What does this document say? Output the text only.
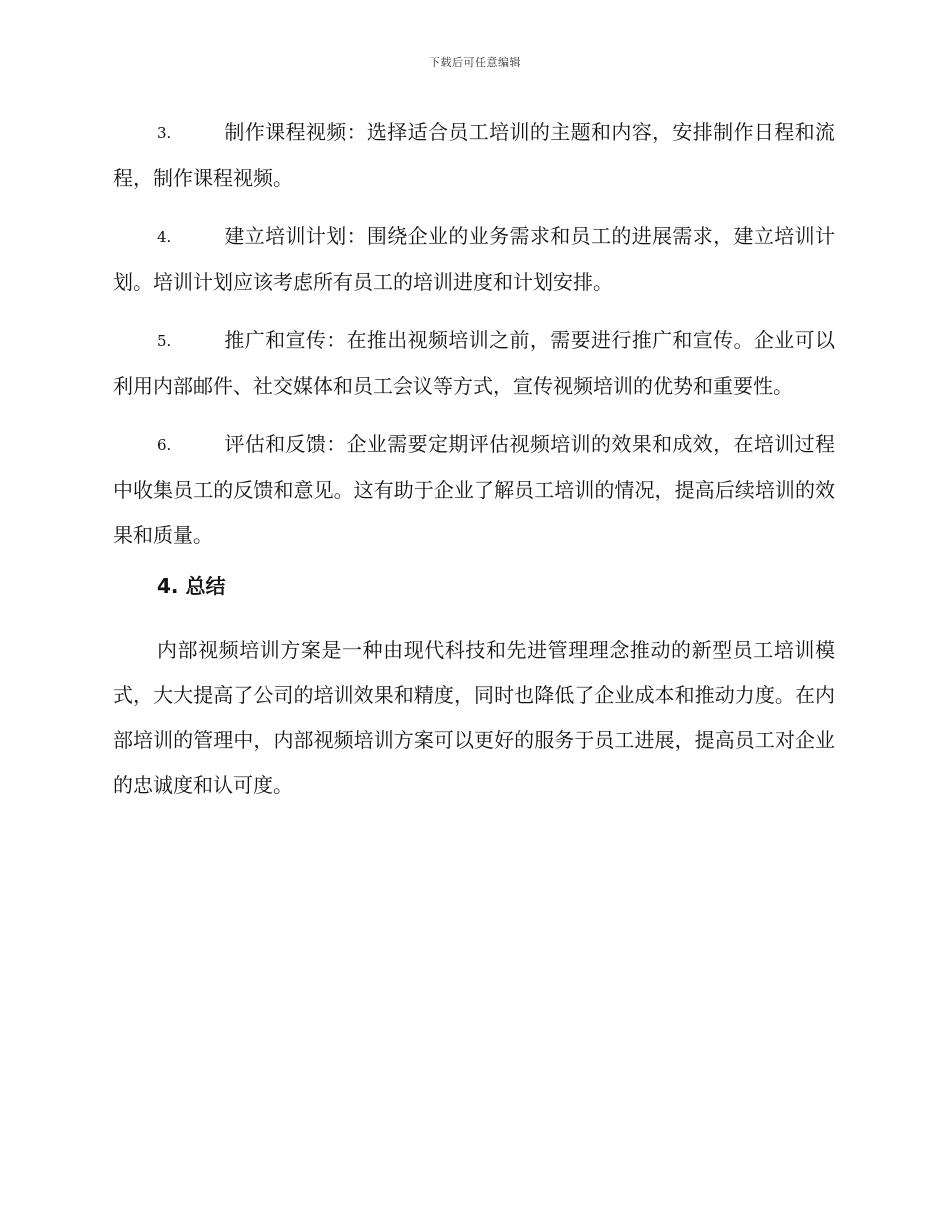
下载后可任意编辑

3.	制作课程视频：选择适合员工培训的主题和内容，安排制作日程和流程，制作课程视频。

4.	建立培训计划：围绕企业的业务需求和员工的进展需求，建立培训计划。培训计划应该考虑所有员工的培训进度和计划安排。

5.	推广和宣传：在推出视频培训之前，需要进行推广和宣传。企业可以利用内部邮件、社交媒体和员工会议等方式，宣传视频培训的优势和重要性。

6.	评估和反馈：企业需要定期评估视频培训的效果和成效，在培训过程中收集员工的反馈和意见。这有助于企业了解员工培训的情况，提高后续培训的效果和质量。

4. 总结

内部视频培训方案是一种由现代科技和先进管理理念推动的新型员工培训模式，大大提高了公司的培训效果和精度，同时也降低了企业成本和推动力度。在内部培训的管理中，内部视频培训方案可以更好的服务于员工进展，提高员工对企业的忠诚度和认可度。
